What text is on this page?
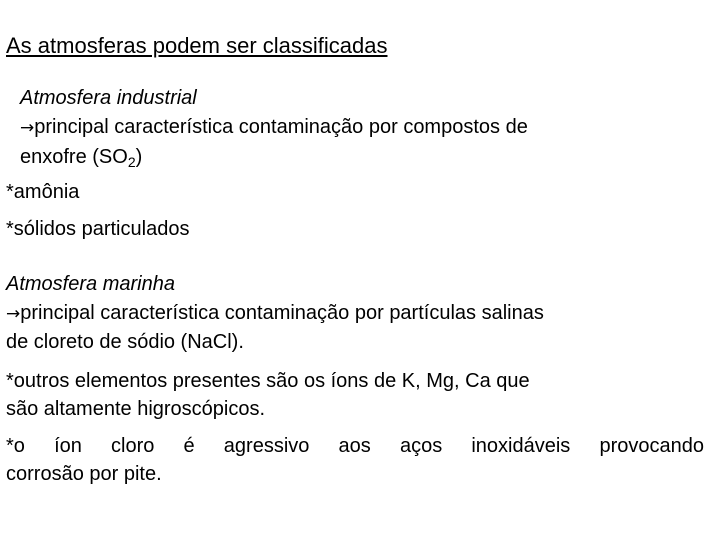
As atmosferas podem ser classificadas
Atmosfera industrial
→principal característica contaminação por compostos de
enxofre $(SO_2)$
*amônia
*sólidos particulados
Atmosfera marinha
→principal característica contaminação por partículas salinas
de cloreto de sódio (NaCl).
*outros elementos presentes são os íons de K, Mg, Ca que
são altamente higroscópicos.
*o íon cloro é agressivo aos aços inoxidáveis provocando
corrosão por pite.
